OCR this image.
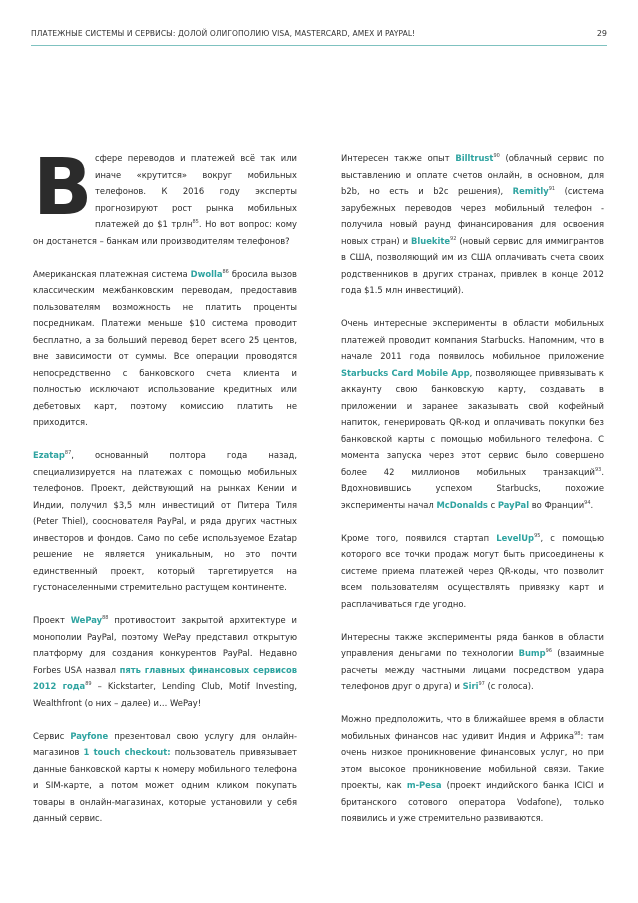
ПЛАТЕЖНЫЕ СИСТЕМЫ И СЕРВИСЫ: ДОЛОЙ ОЛИГОПОЛИЮ VISA, MASTERCARD, AMEX И PAYPAL!	29

Всфере переводов и платежей всё так или иначе «крутится» вокруг мобильных телефонов. К 2016 году эксперты прогнозируют рост рынка мобильных платежей до $1 трлн$^{85}$. Но вот вопрос: кому он достанется – банкам или производителям телефонов?

Американская платежная система Dwolla$^{86}$ бросила вызов классическим межбанковским переводам, предоставив пользователям возможность не платить проценты посредникам. Платежи меньше $10 система проводит бесплатно, а за больший перевод берет всего 25 центов, вне зависимости от суммы. Все операции проводятся непосредственно с банковского счета клиента и полностью исключают использование кредитных или дебетовых карт, поэтому комиссию платить не приходится.

Ezatap$^{87}$, основанный полтора года назад, специализируется на платежах с помощью мобильных телефонов. Проект, действующий на рынках Кении и Индии, получил $3,5 млн инвестиций от Питера Тиля (Peter Thiel), сооснователя PayPal, и ряда других частных инвесторов и фондов. Само по себе используемое Ezatap решение не является уникальным, но это почти единственный проект, который таргетируется на густонаселенными стремительно растущем континенте.

Проект WePay$^{88}$ противостоит закрытой архитектуре и монополии PayPal, поэтому WePay представил открытую платформу для создания конкурентов PayPal. Недавно Forbes USA назвал пять главных финансовых сервисов 2012 года$^{89}$ – Kickstarter, Lending Club, Motif Investing, Wealthfront (о них – далее) и… WePay!

Сервис Payfone презентовал свою услугу для онлайн-магазинов 1 touch checkout: пользователь привязывает данные банковской карты к номеру мобильного телефона и SIM-карте, а потом может одним кликом покупать товары в онлайн-магазинах, которые установили у себя данный сервис.

Интересен также опыт Billtrust$^{90}$ (облачный сервис по выставлению и оплате счетов онлайн, в основном, для b2b, но есть и b2c решения), Remitly$^{91}$ (система зарубежных переводов через мобильный телефон - получила новый раунд финансирования для освоения новых стран) и Bluekite$^{92}$ (новый сервис для иммигрантов в США, позволяющий им из США оплачивать счета своих родственников в других странах, привлек в конце 2012 года $1.5 млн инвестиций).

Очень интересные эксперименты в области мобильных платежей проводит компания Starbucks. Напомним, что в начале 2011 года появилось мобильное приложение Starbucks Card Mobile App, позволяющее привязывать к аккаунту свою банковскую карту, создавать в приложении и заранее заказывать свой кофейный напиток, генерировать QR-код и оплачивать покупки без банковской карты с помощью мобильного телефона. С момента запуска через этот сервис было совершено более 42 миллионов мобильных транзакций$^{93}$. Вдохновившись успехом Starbucks, похожие эксперименты начал McDonalds с PayPal во Франции$^{94}$.

Кроме того, появился стартап LevelUp$^{95}$, с помощью которого все точки продаж могут быть присоединены к системе приема платежей через QR-коды, что позволит всем пользователям осуществлять привязку карт и расплачиваться где угодно.

Интересны также эксперименты ряда банков в области управления деньгами по технологии Bump$^{96}$ (взаимные расчеты между частными лицами посредством удара телефонов друг о друга) и Siri$^{97}$ (с голоса).

Можно предположить, что в ближайшее время в области мобильных финансов нас удивит Индия и Африка$^{98}$: там очень низкое проникновение финансовых услуг, но при этом высокое проникновение мобильной связи. Такие проекты, как m-Pesa (проект индийского банка ICICI и британского сотового оператора Vodafone), только появились и уже стремительно развиваются.
